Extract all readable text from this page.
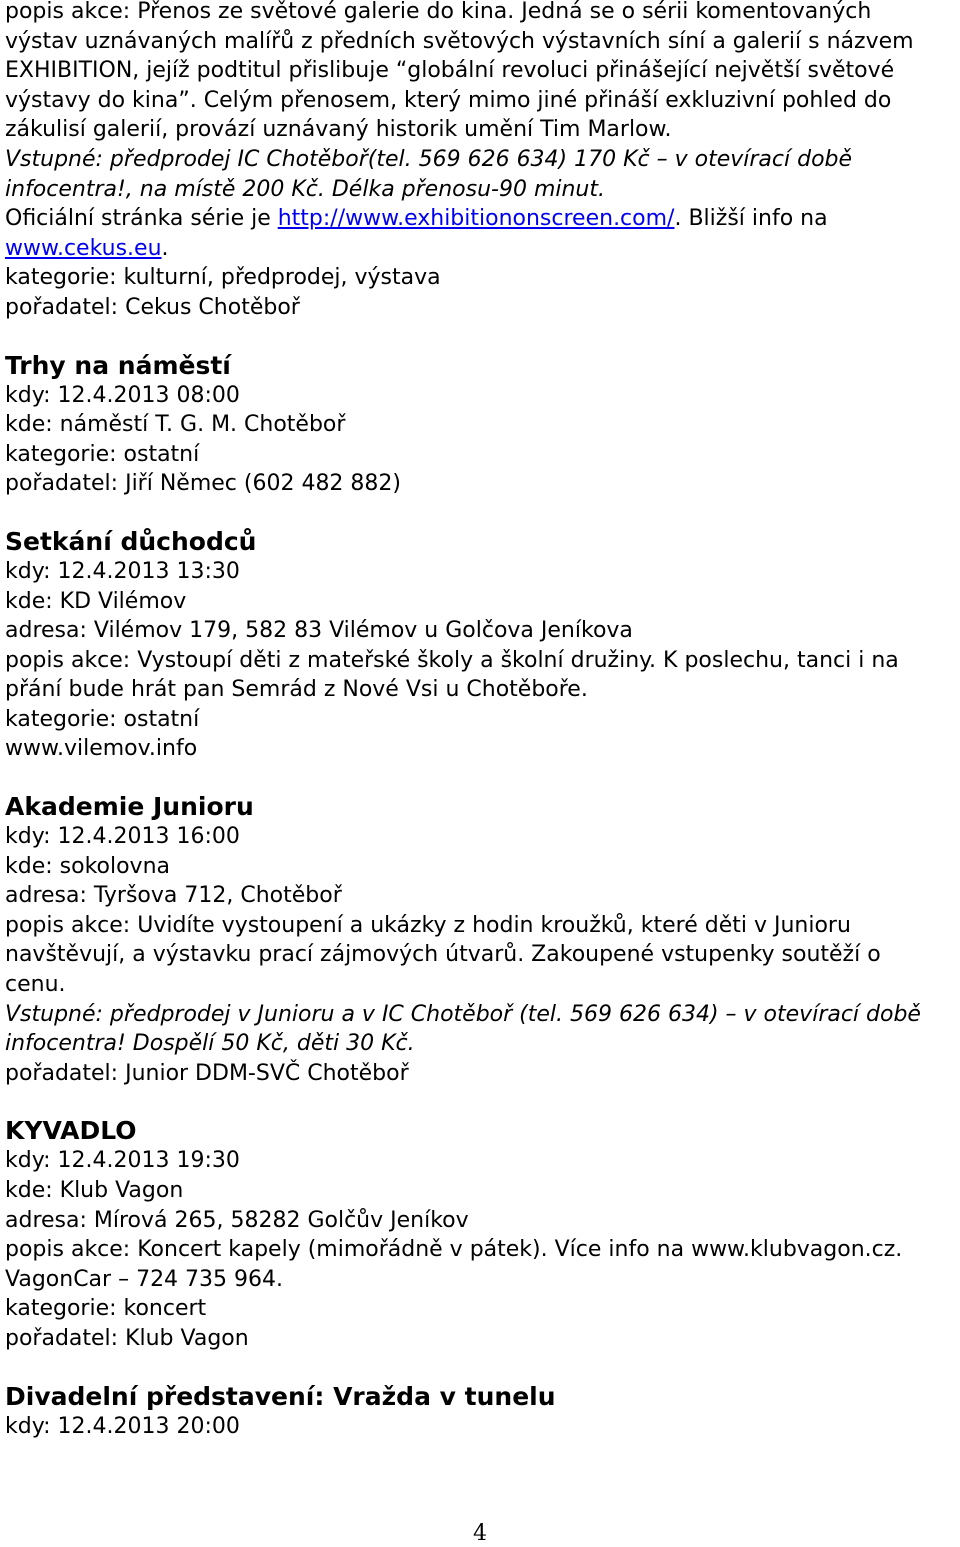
popis akce: Přenos ze světové galerie do kina. Jedná se o sérii komentovaných
výstav uznávaných malířů z předních světových výstavních síní a galerií s názvem
EXHIBITION, jejíž podtitul přislibuje “globální revoluci přinášející největší světové
výstavy do kina”. Celým přenosem, který mimo jiné přináší exkluzivní pohled do
zákulisí galerií, provází uznávaný historik umění Tim Marlow.
Vstupné: předprodej IC Chotěboř(tel. 569 626 634) 170 Kč – v otevírací době
infocentra!, na místě 200 Kč. Délka přenosu-90 minut.
Oficiální stránka série je http://www.exhibitiononscreen.com/. Bližší info na
www.cekus.eu.
kategorie: kulturní, předprodej, výstava
pořadatel: Cekus Chotěboř
Trhy na náměstí
kdy: 12.4.2013 08:00
kde: náměstí T. G. M. Chotěboř
kategorie: ostatní
pořadatel: Jiří Němec (602 482 882)
Setkání důchodců
kdy: 12.4.2013 13:30
kde: KD Vilémov
adresa: Vilémov 179, 582 83 Vilémov u Golčova Jeníkova
popis akce: Vystoupí děti z mateřské školy a školní družiny. K poslechu, tanci i na
přání bude hrát pan Semrád z Nové Vsi u Chotěboře.
kategorie: ostatní
www.vilemov.info
Akademie Junioru
kdy: 12.4.2013 16:00
kde: sokolovna
adresa: Tyršova 712, Chotěboř
popis akce: Uvidíte vystoupení a ukázky z hodin kroužků, které děti v Junioru
navštěvují, a výstavku prací zájmových útvarů. Zakoupené vstupenky soutěží o
cenu.
Vstupné: předprodej v Junioru a v IC Chotěboř (tel. 569 626 634) – v otevírací době
infocentra! Dospělí 50 Kč, děti 30 Kč.
pořadatel: Junior DDM-SVČ Chotěboř
KYVADLO
kdy: 12.4.2013 19:30
kde: Klub Vagon
adresa: Mírová 265, 58282 Golčův Jeníkov
popis akce: Koncert kapely (mimořádně v pátek). Více info na www.klubvagon.cz.
VagonCar – 724 735 964.
kategorie: koncert
pořadatel: Klub Vagon
Divadelní představení: Vražda v tunelu
kdy: 12.4.2013 20:00
4
